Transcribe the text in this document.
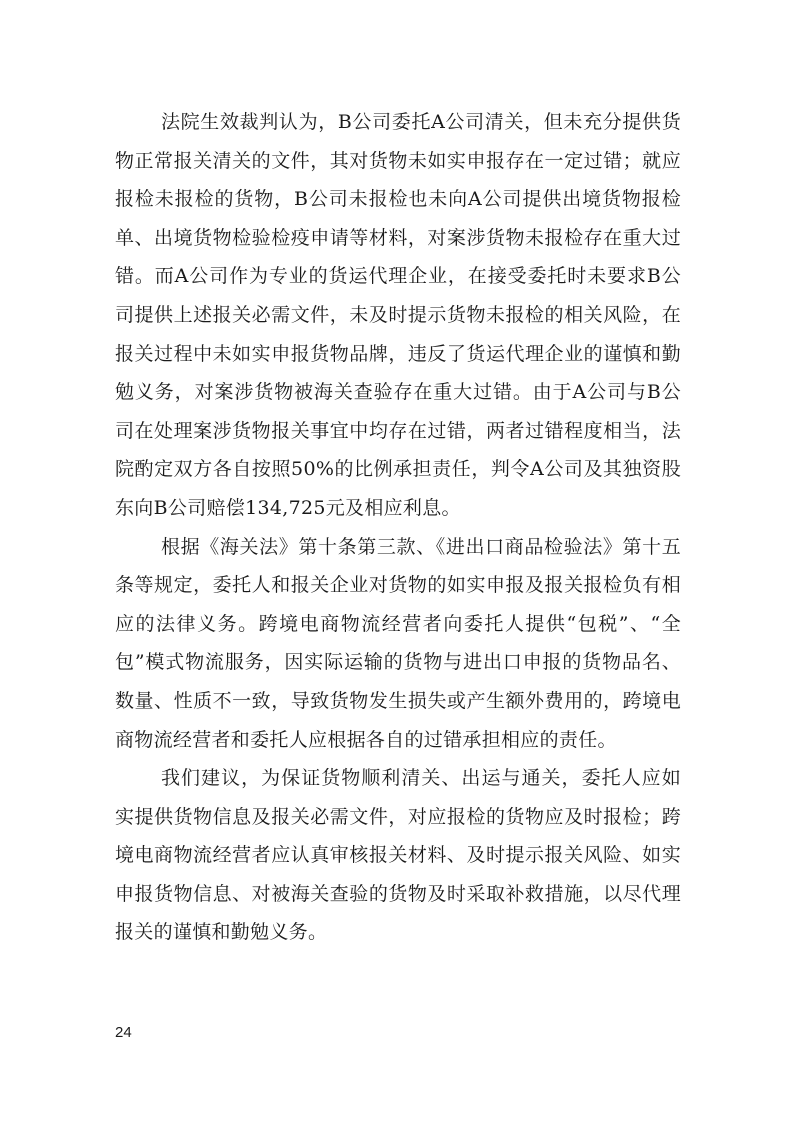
法院生效裁判认为，B公司委托A公司清关，但未充分提供货物正常报关清关的文件，其对货物未如实申报存在一定过错；就应报检未报检的货物，B公司未报检也未向A公司提供出境货物报检单、出境货物检验检疫申请等材料，对案涉货物未报检存在重大过错。而A公司作为专业的货运代理企业，在接受委托时未要求B公司提供上述报关必需文件，未及时提示货物未报检的相关风险，在报关过程中未如实申报货物品牌，违反了货运代理企业的谨慎和勤勉义务，对案涉货物被海关查验存在重大过错。由于A公司与B公司在处理案涉货物报关事宜中均存在过错，两者过错程度相当，法院酌定双方各自按照50%的比例承担责任，判令A公司及其独资股东向B公司赔偿134,725元及相应利息。

根据《海关法》第十条第三款、《进出口商品检验法》第十五条等规定，委托人和报关企业对货物的如实申报及报关报检负有相应的法律义务。跨境电商物流经营者向委托人提供“包税”、“全包”模式物流服务，因实际运输的货物与进出口申报的货物品名、数量、性质不一致，导致货物发生损失或产生额外费用的，跨境电商物流经营者和委托人应根据各自的过错承担相应的责任。

我们建议，为保证货物顺利清关、出运与通关，委托人应如实提供货物信息及报关必需文件，对应报检的货物应及时报检；跨境电商物流经营者应认真审核报关材料、及时提示报关风险、如实申报货物信息、对被海关查验的货物及时采取补救措施，以尽代理报关的谨慎和勤勉义务。

24
